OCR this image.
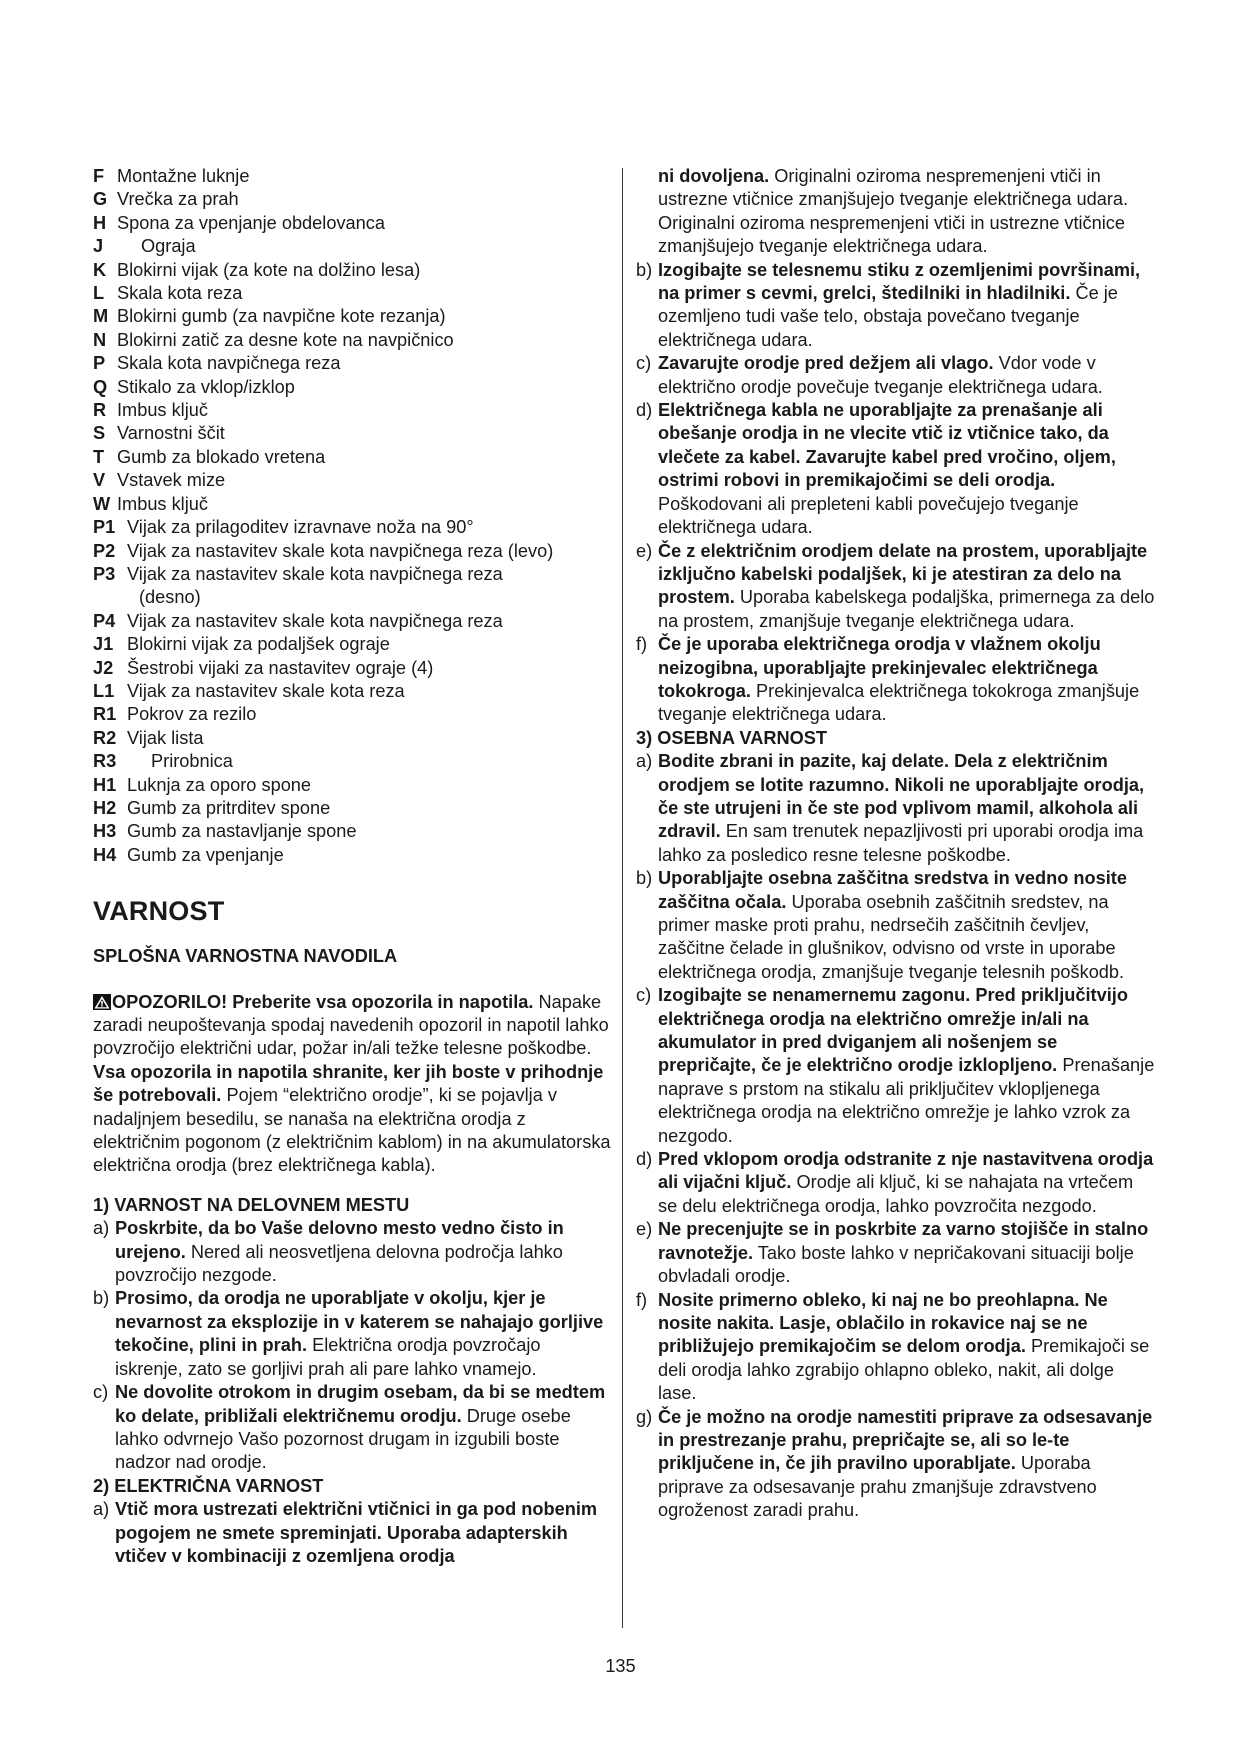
F Montažne luknje
G Vrečka za prah
H Spona za vpenjanje obdelovanca
J	Ograja
K Blokirni vijak (za kote na dolžino lesa)
L Skala kota reza
M Blokirni gumb (za navpične kote rezanja)
N Blokirni zatič za desne kote na navpičnico
P Skala kota navpičnega reza
Q Stikalo za vklop/izklop
R Imbus ključ
S Varnostni ščit
T Gumb za blokado vretena
V Vstavek mize
W Imbus ključ
P1 Vijak za prilagoditev izravnave noža na 90°
P2 Vijak za nastavitev skale kota navpičnega reza (levo)
P3 Vijak za nastavitev skale kota navpičnega reza
(desno)
P4 Vijak za nastavitev skale kota navpičnega reza
J1 Blokirni vijak za podaljšek ograje
J2 Šestrobi vijaki za nastavitev ograje (4)
L1 Vijak za nastavitev skale kota reza
R1 Pokrov za rezilo
R2 Vijak lista
R3	Prirobnica
H1 Luknja za oporo spone
H2 Gumb za pritrditev spone
H3 Gumb za nastavljanje spone
H4 Gumb za vpenjanje
VARNOST
SPLOŠNA VARNOSTNA NAVODILA

OPOZORILO! Preberite vsa opozorila in napotila. Napake zaradi neupoštevanja spodaj navedenih opozoril in napotil lahko povzročijo električni udar, požar in/ali težke telesne poškodbe. Vsa opozorila in napotila shranite, ker jih boste v prihodnje še potrebovali. Pojem “električno orodje”, ki se pojavlja v nadaljnjem besedilu, se nanaša na električna orodja z električnim pogonom (z električnim kablom) in na akumulatorska električna orodja (brez električnega kabla).

1) VARNOST NA DELOVNEM MESTU
a) Poskrbite, da bo Vaše delovno mesto vedno čisto in urejeno. Nered ali neosvetljena delovna področja lahko povzročijo nezgode.
b) Prosimo, da orodja ne uporabljate v okolju, kjer je nevarnost za eksplozije in v katerem se nahajajo gorljive tekočine, plini in prah. Električna orodja povzročajo iskrenje, zato se gorljivi prah ali pare lahko vnamejo.
c) Ne dovolite otrokom in drugim osebam, da bi se medtem ko delate, približali električnemu orodju. Druge osebe lahko odvrnejo Vašo pozornost drugam in izgubili boste nadzor nad orodje.
2) ELEKTRIČNA VARNOST
a) Vtič mora ustrezati električni vtičnici in ga pod nobenim pogojem ne smete spreminjati. Uporaba adapterskih vtičev v kombinaciji z ozemljena orodja
ni dovoljena. Originalni oziroma nespremenjeni vtiči in ustrezne vtičnice zmanjšujejo tveganje električnega udara. Originalni oziroma nespremenjeni vtiči in ustrezne vtičnice zmanjšujejo tveganje električnega udara.
b) Izogibajte se telesnemu stiku z ozemljenimi površinami, na primer s cevmi, grelci, štedilniki in hladilniki. Če je ozemljeno tudi vaše telo, obstaja povečano tveganje električnega udara.
c) Zavarujte orodje pred dežjem ali vlago. Vdor vode v električno orodje povečuje tveganje električnega udara.
d) Električnega kabla ne uporabljajte za prenašanje ali obešanje orodja in ne vlecite vtič iz vtičnice tako, da vlečete za kabel. Zavarujte kabel pred vročino, oljem, ostrimi robovi in premikajočimi se deli orodja. Poškodovani ali prepleteni kabli povečujejo tveganje električnega udara.
e) Če z električnim orodjem delate na prostem, uporabljajte izključno kabelski podaljšek, ki je atestiran za delo na prostem. Uporaba kabelskega podaljška, primernega za delo na prostem, zmanjšuje tveganje električnega udara.
f) Če je uporaba električnega orodja v vlažnem okolju neizogibna, uporabljajte prekinjevalec električnega tokokroga. Prekinjevalca električnega tokokroga zmanjšuje tveganje električnega udara.
3) OSEBNA VARNOST
a) Bodite zbrani in pazite, kaj delate. Dela z električnim orodjem se lotite razumno. Nikoli ne uporabljajte orodja, če ste utrujeni in če ste pod vplivom mamil, alkohola ali zdravil. En sam trenutek nepazljivosti pri uporabi orodja ima lahko za posledico resne telesne poškodbe.
b) Uporabljajte osebna zaščitna sredstva in vedno nosite zaščitna očala. Uporaba osebnih zaščitnih sredstev, na primer maske proti prahu, nedrsečih zaščitnih čevljev, zaščitne čelade in glušnikov, odvisno od vrste in uporabe električnega orodja, zmanjšuje tveganje telesnih poškodb.
c) Izogibajte se nenamernemu zagonu. Pred priključitvijo električnega orodja na električno omrežje in/ali na akumulator in pred dviganjem ali nošenjem se prepričajte, če je električno orodje izklopljeno. Prenašanje naprave s prstom na stikalu ali priključitev vklopljenega električnega orodja na električno omrežje je lahko vzrok za nezgodo.
d) Pred vklopom orodja odstranite z nje nastavitvena orodja ali vijačni ključ. Orodje ali ključ, ki se nahajata na vrtečem se delu električnega orodja, lahko povzročita nezgodo.
e) Ne precenjujte se in poskrbite za varno stojišče in stalno ravnotežje. Tako boste lahko v nepričakovani situaciji bolje obvladali orodje.
f) Nosite primerno obleko, ki naj ne bo preohlapna. Ne nosite nakita. Lasje, oblačilo in rokavice naj se ne približujejo premikajočim se delom orodja. Premikajoči se deli orodja lahko zgrabijo ohlapno obleko, nakit, ali dolge lase.
g) Če je možno na orodje namestiti priprave za odsesavanje in prestrezanje prahu, prepričajte se, ali so le-te priključene in, če jih pravilno uporabljate. Uporaba priprave za odsesavanje prahu zmanjšuje zdravstveno ogroženost zaradi prahu.
135
